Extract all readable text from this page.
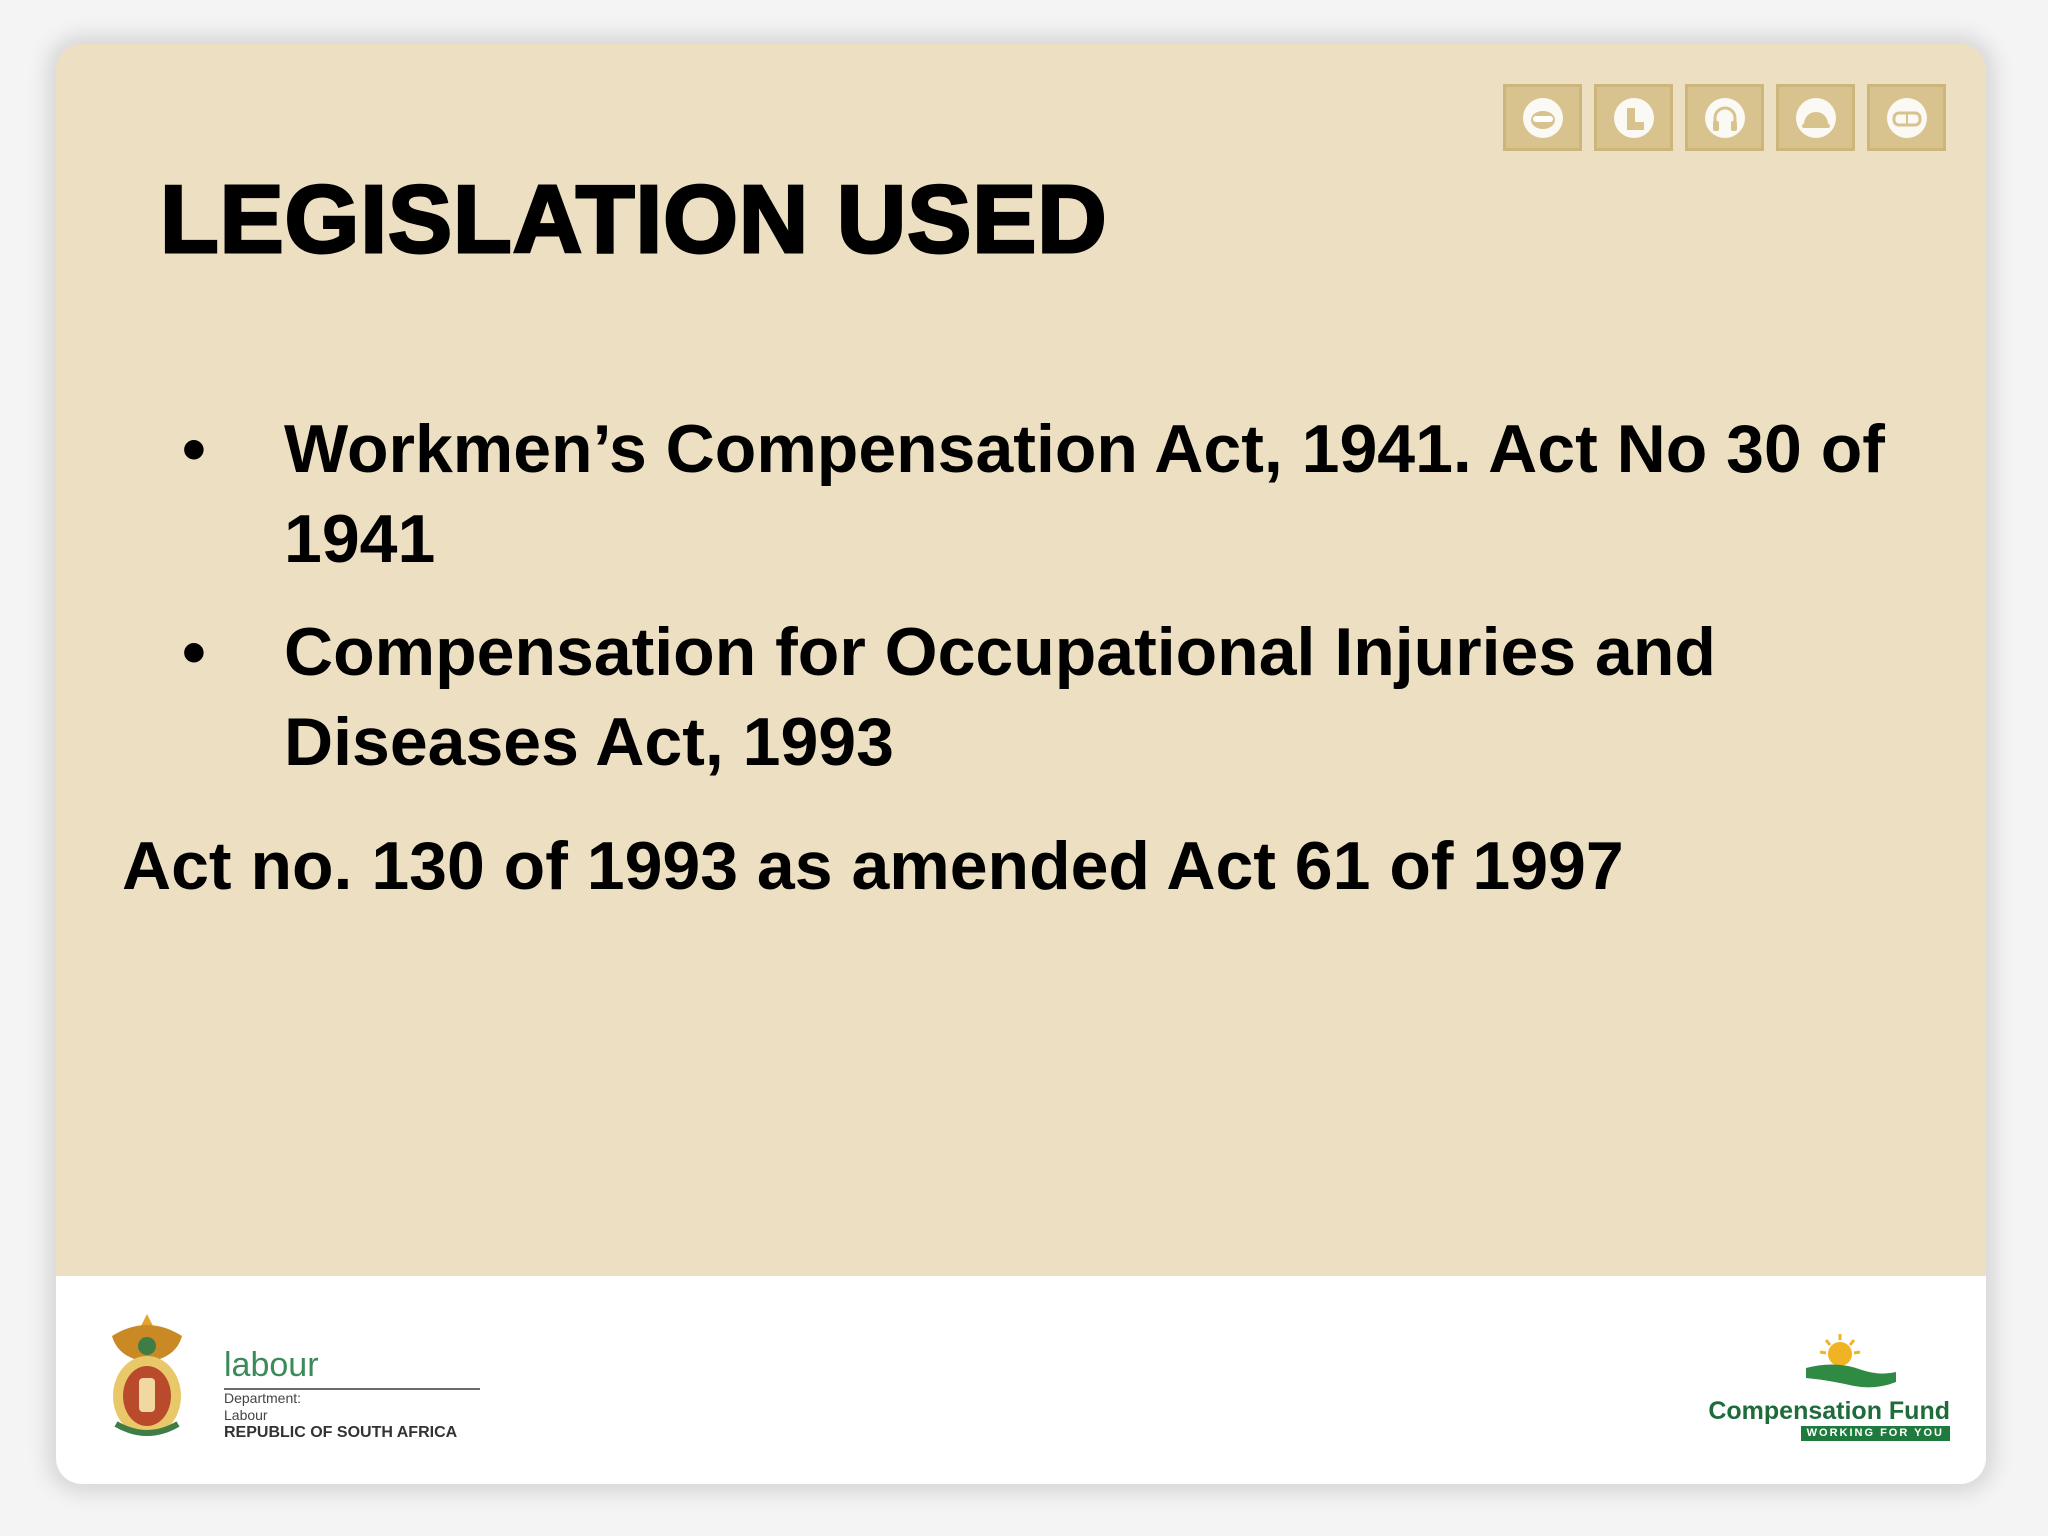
LEGISLATION USED
• Workmen’s Compensation Act, 1941. Act No 30 of 1941
• Compensation for Occupational Injuries and Diseases Act, 1993
Act no. 130 of 1993 as amended Act 61 of 1997
labour
Department:
Labour
REPUBLIC OF SOUTH AFRICA
Compensation Fund
WORKING FOR YOU
